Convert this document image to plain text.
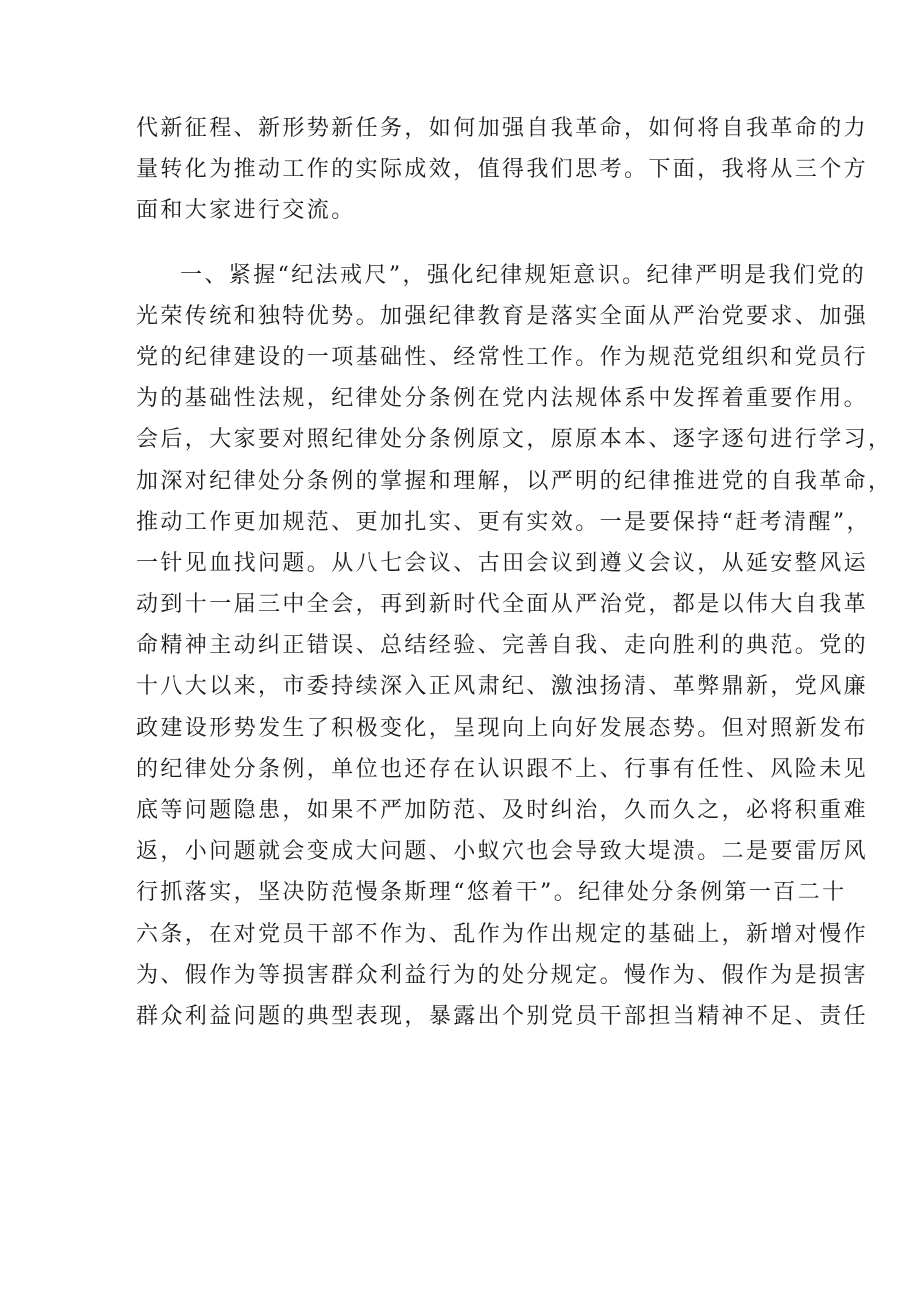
代新征程、新形势新任务，如何加强自我革命，如何将自我革命的力
量转化为推动工作的实际成效，值得我们思考。下面，我将从三个方
面和大家进行交流。
一、紧握“纪法戒尺”，强化纪律规矩意识。纪律严明是我们党的
光荣传统和独特优势。加强纪律教育是落实全面从严治党要求、加强
党的纪律建设的一项基础性、经常性工作。作为规范党组织和党员行
为的基础性法规，纪律处分条例在党内法规体系中发挥着重要作用。
会后，大家要对照纪律处分条例原文，原原本本、逐字逐句进行学习，
加深对纪律处分条例的掌握和理解，以严明的纪律推进党的自我革命，
推动工作更加规范、更加扎实、更有实效。一是要保持“赶考清醒”，
一针见血找问题。从八七会议、古田会议到遵义会议，从延安整风运
动到十一届三中全会，再到新时代全面从严治党，都是以伟大自我革
命精神主动纠正错误、总结经验、完善自我、走向胜利的典范。党的
十八大以来，市委持续深入正风肃纪、激浊扬清、革弊鼎新，党风廉
政建设形势发生了积极变化，呈现向上向好发展态势。但对照新发布
的纪律处分条例，单位也还存在认识跟不上、行事有任性、风险未见
底等问题隐患，如果不严加防范、及时纠治，久而久之，必将积重难
返，小问题就会变成大问题、小蚁穴也会导致大堤溃。二是要雷厉风
行抓落实，坚决防范慢条斯理“悠着干”。纪律处分条例第一百二十
六条，在对党员干部不作为、乱作为作出规定的基础上，新增对慢作
为、假作为等损害群众利益行为的处分规定。慢作为、假作为是损害
群众利益问题的典型表现，暴露出个别党员干部担当精神不足、责任
